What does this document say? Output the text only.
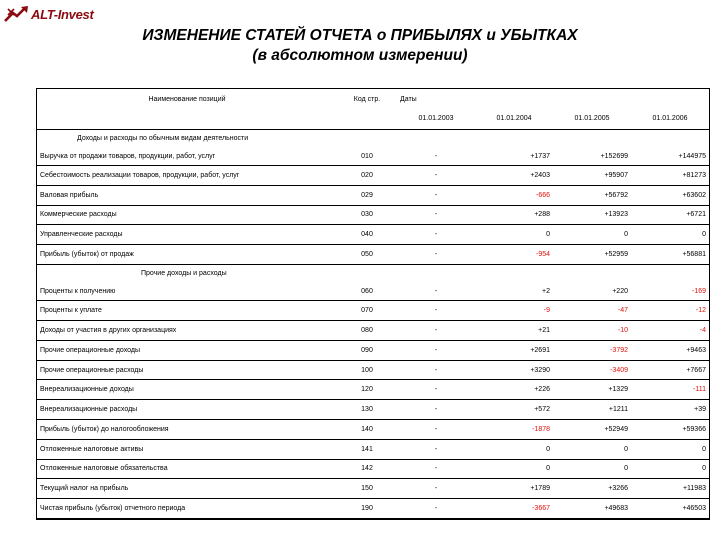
ALT-Invest
ИЗМЕНЕНИЕ СТАТЕЙ ОТЧЕТА о ПРИБЫЛЯХ и УБЫТКАХ
(в абсолютном измерении)
Наименование позиций	Код стр.	Даты			
		01.01.2003	01.01.2004	01.01.2005	01.01.2006
Доходы и расходы по обычным видам деятельности					
Выручка от продажи товаров, продукции, работ, услуг	010	-	+1737	+152699	+144975
Себестоимость реализации товаров, продукции, работ, услуг	020	-	+2403	+95907	+81273
Валовая прибыль	029	-	-666	+56792	+63602
Коммерческие расходы	030	-	+288	+13923	+6721
Управленческие расходы	040	-	0	0	0
Прибыль (убыток) от продаж	050	-	-954	+52959	+56881
Прочие доходы и расходы					
Проценты к получению	060	-	+2	+220	-169
Проценты к уплате	070	-	-9	-47	-12
Доходы от участия в других организациях	080	-	+21	-10	-4
Прочие операционные доходы	090	-	+2691	-3792	+9463
Прочие операционные расходы	100	-	+3290	-3409	+7667
Внереализационные доходы	120	-	+226	+1329	-111
Внереализационные расходы	130	-	+572	+1211	+39
Прибыль (убыток) до налогообложения	140	-	-1878	+52949	+59366
Отложенные налоговые активы	141	-	0	0	0
Отложенные налоговые обязательства	142	-	0	0	0
Текущий налог на прибыль	150	-	+1789	+3266	+11983
Чистая прибыль (убыток) отчетного периода	190	-	-3667	+49683	+46503
